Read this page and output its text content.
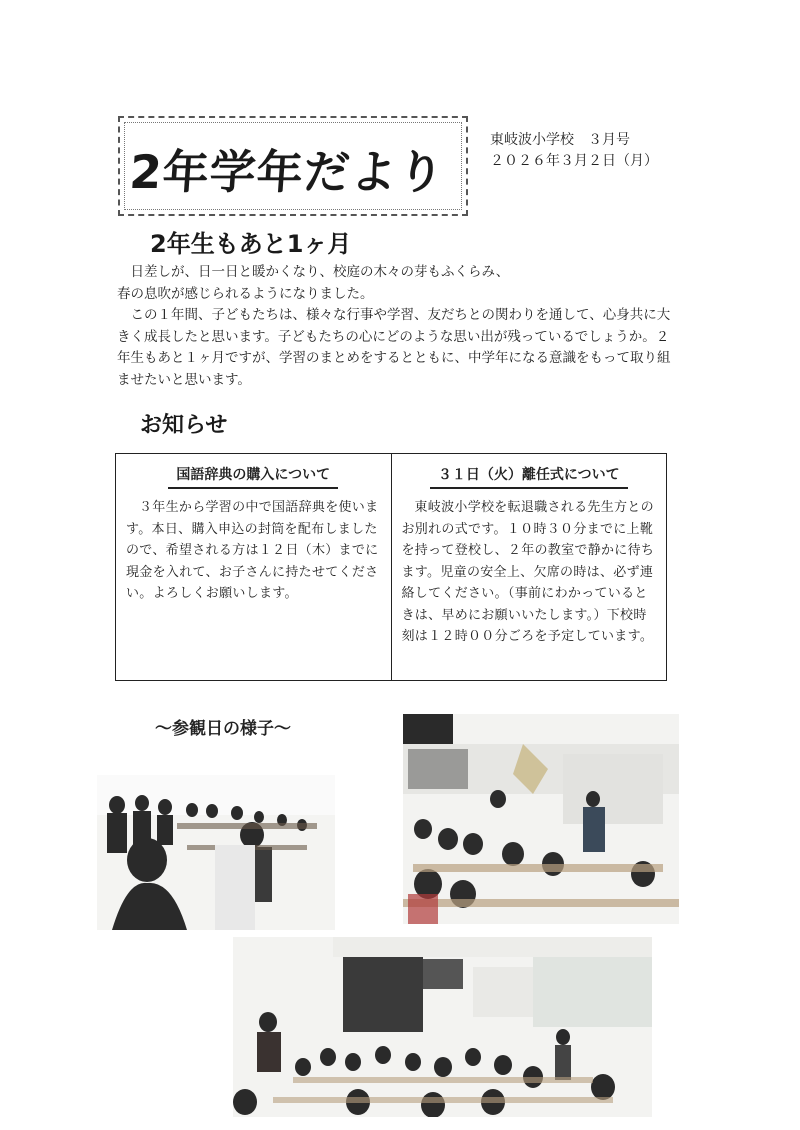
2年学年だより
東岐波小学校　３月号
２０２６年３月２日（月）
2年生もあと1ヶ月

　日差しが、日一日と暖かくなり、校庭の木々の芽もふくらみ、

春の息吹が感じられるようになりました。

　この１年間、子どもたちは、様々な行事や学習、友だちとの関わりを通して、心身共に大きく成長したと思います。子どもたちの心にどのような思い出が残っているでしょうか。２年生もあと１ヶ月ですが、学習のまとめをするとともに、中学年になる意識をもって取り組ませたいと思います。

お知らせ
国語辞典の購入について

３年生から学習の中で国語辞典を使います。本日、購入申込の封筒を配布しましたので、希望される方は１２日（木）までに現金を入れて、お子さんに持たせてください。よろしくお願いします。

３１日（火）離任式について

東岐波小学校を転退職される先生方とのお別れの式です。１０時３０分までに上靴を持って登校し、２年の教室で静かに待ちます。児童の安全上、欠席の時は、必ず連絡してください。（事前にわかっているときは、早めにお願いいたします。）下校時刻は１２時００分ごろを予定しています。

～参観日の様子～
